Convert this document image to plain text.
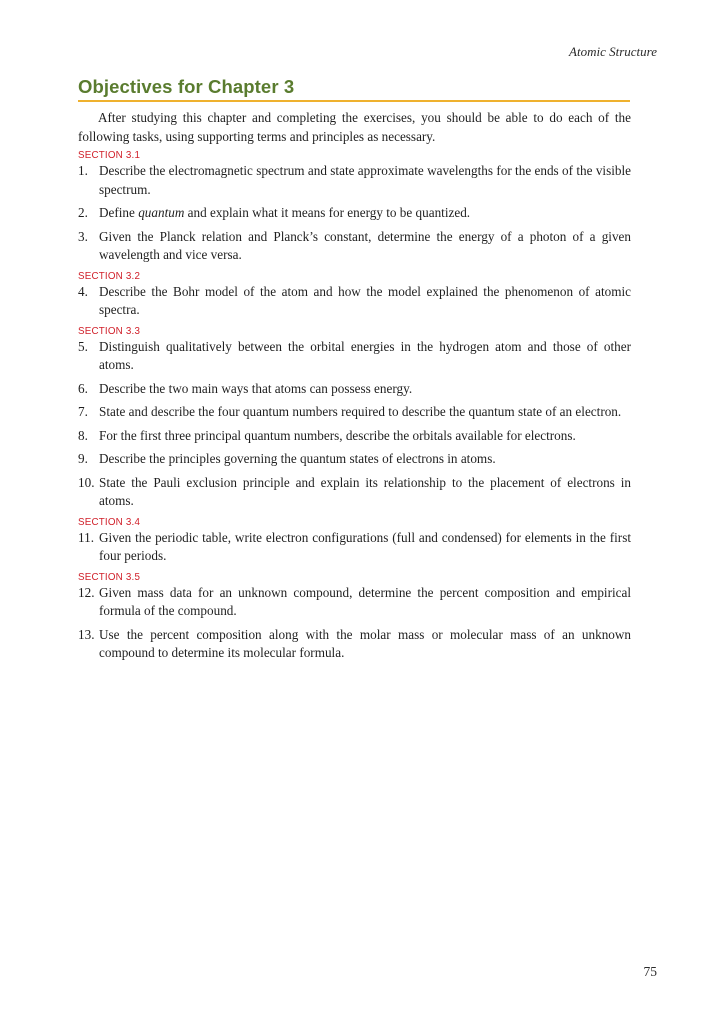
Atomic Structure
Objectives for Chapter 3

After studying this chapter and completing the exercises, you should be able to do each of the following tasks, using supporting terms and principles as necessary.

SECTION 3.1
1. Describe the electromagnetic spectrum and state approximate wavelengths for the ends of the visible spectrum.
2. Define quantum and explain what it means for energy to be quantized.
3. Given the Planck relation and Planck’s constant, determine the energy of a photon of a given wavelength and vice versa.
SECTION 3.2
4. Describe the Bohr model of the atom and how the model explained the phenomenon of atomic spectra.
SECTION 3.3
5. Distinguish qualitatively between the orbital energies in the hydrogen atom and those of other atoms.
6. Describe the two main ways that atoms can possess energy.
7. State and describe the four quantum numbers required to describe the quantum state of an electron.
8. For the first three principal quantum numbers, describe the orbitals available for electrons.
9. Describe the principles governing the quantum states of electrons in atoms.
10. State the Pauli exclusion principle and explain its relationship to the placement of electrons in atoms.
SECTION 3.4
11. Given the periodic table, write electron configurations (full and condensed) for elements in the first four periods.
SECTION 3.5
12. Given mass data for an unknown compound, determine the percent composition and empirical formula of the compound.
13. Use the percent composition along with the molar mass or molecular mass of an unknown compound to determine its molecular formula.
75
